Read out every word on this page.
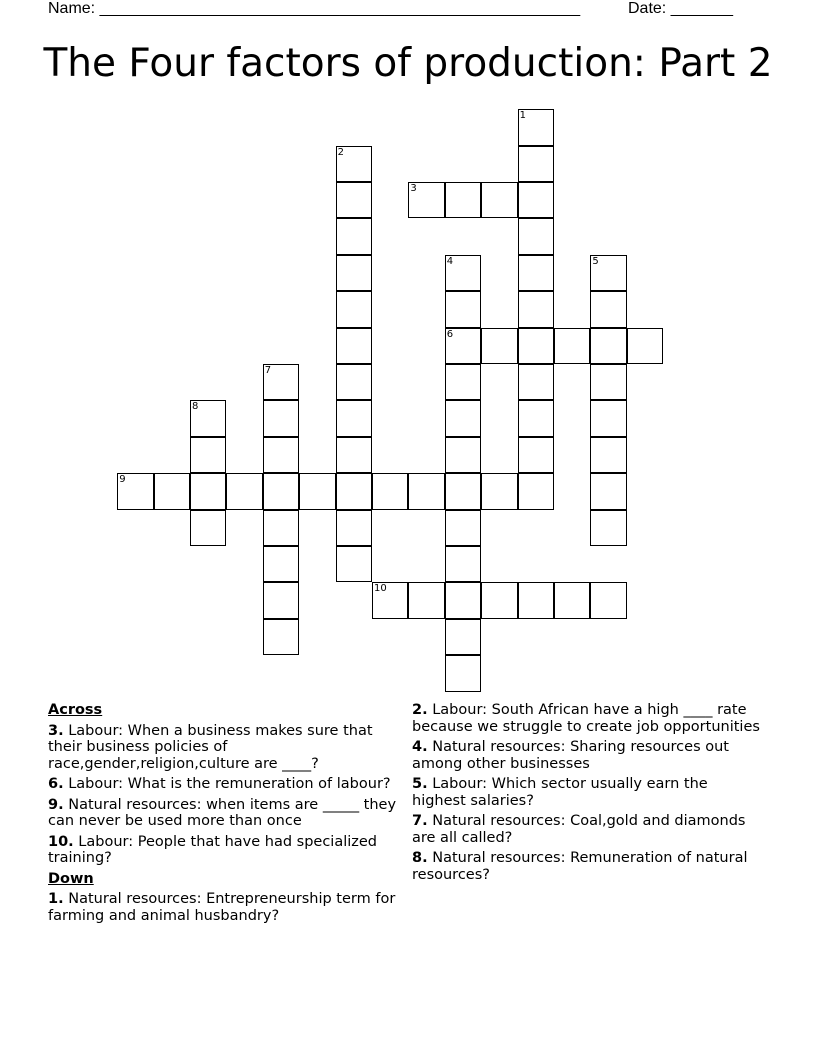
Name: ______________________________________________________	Date: _______
The Four factors of production: Part 2
1
2
3
4
6
5
7
8
9
10
Across
3. Labour: When a business makes sure that their business policies of race,gender,religion,culture are ____?
6. Labour: What is the remuneration of labour?
9. Natural resources: when items are _____ they can never be used more than once
10. Labour: People that have had specialized training?
Down
1. Natural resources: Entrepreneurship term for farming and animal husbandry?
2. Labour: South African have a high ____ rate because we struggle to create job opportunities
4. Natural resources: Sharing resources out among other businesses
5. Labour: Which sector usually earn the highest salaries?
7. Natural resources: Coal,gold and diamonds are all called?
8. Natural resources: Remuneration of natural resources?
